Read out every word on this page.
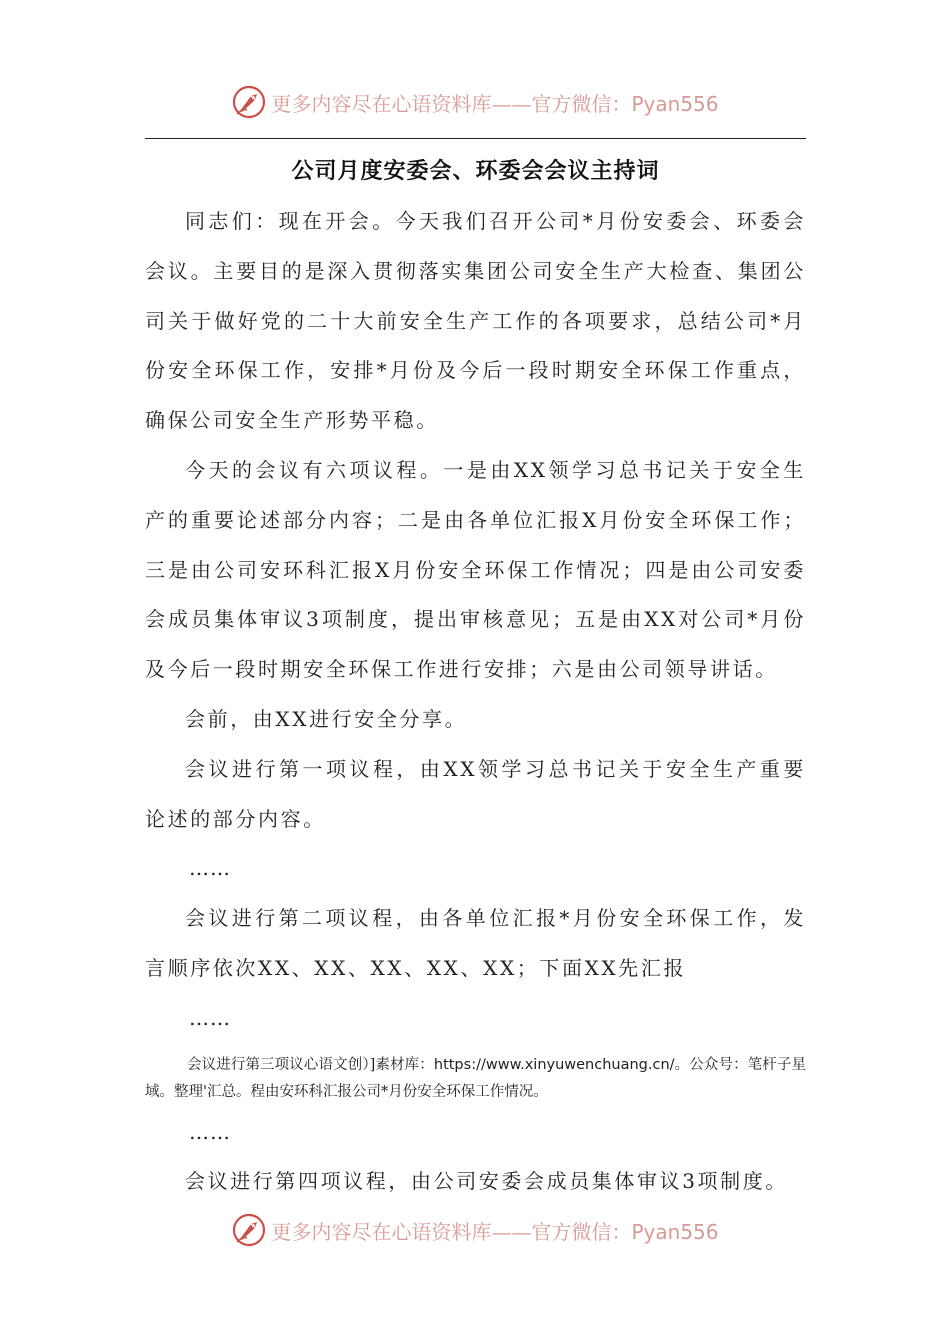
更多内容尽在心语资料库——官方微信：Pyan556
公司月度安委会、环委会会议主持词

同志们：现在开会。今天我们召开公司*月份安委会、环委会会议。主要目的是深入贯彻落实集团公司安全生产大检查、集团公司关于做好党的二十大前安全生产工作的各项要求，总结公司*月份安全环保工作，安排*月份及今后一段时期安全环保工作重点，确保公司安全生产形势平稳。

今天的会议有六项议程。一是由XX领学习总书记关于安全生产的重要论述部分内容；二是由各单位汇报X月份安全环保工作；三是由公司安环科汇报X月份安全环保工作情况；四是由公司安委会成员集体审议3项制度，提出审核意见；五是由XX对公司*月份及今后一段时期安全环保工作进行安排；六是由公司领导讲话。

会前，由XX进行安全分享。

会议进行第一项议程，由XX领学习总书记关于安全生产重要论述的部分内容。

……

会议进行第二项议程，由各单位汇报*月份安全环保工作，发言顺序依次XX、XX、XX、XX、XX；下面XX先汇报

……

会议进行第三项议心语文创）]素材库：https://www.xinyuwenchuang.cn/。公众号：笔杆子星域。整理'汇总。程由安环科汇报公司*月份安全环保工作情况。

……

会议进行第四项议程，由公司安委会成员集体审议3项制度。

更多内容尽在心语资料库——官方微信：Pyan556
